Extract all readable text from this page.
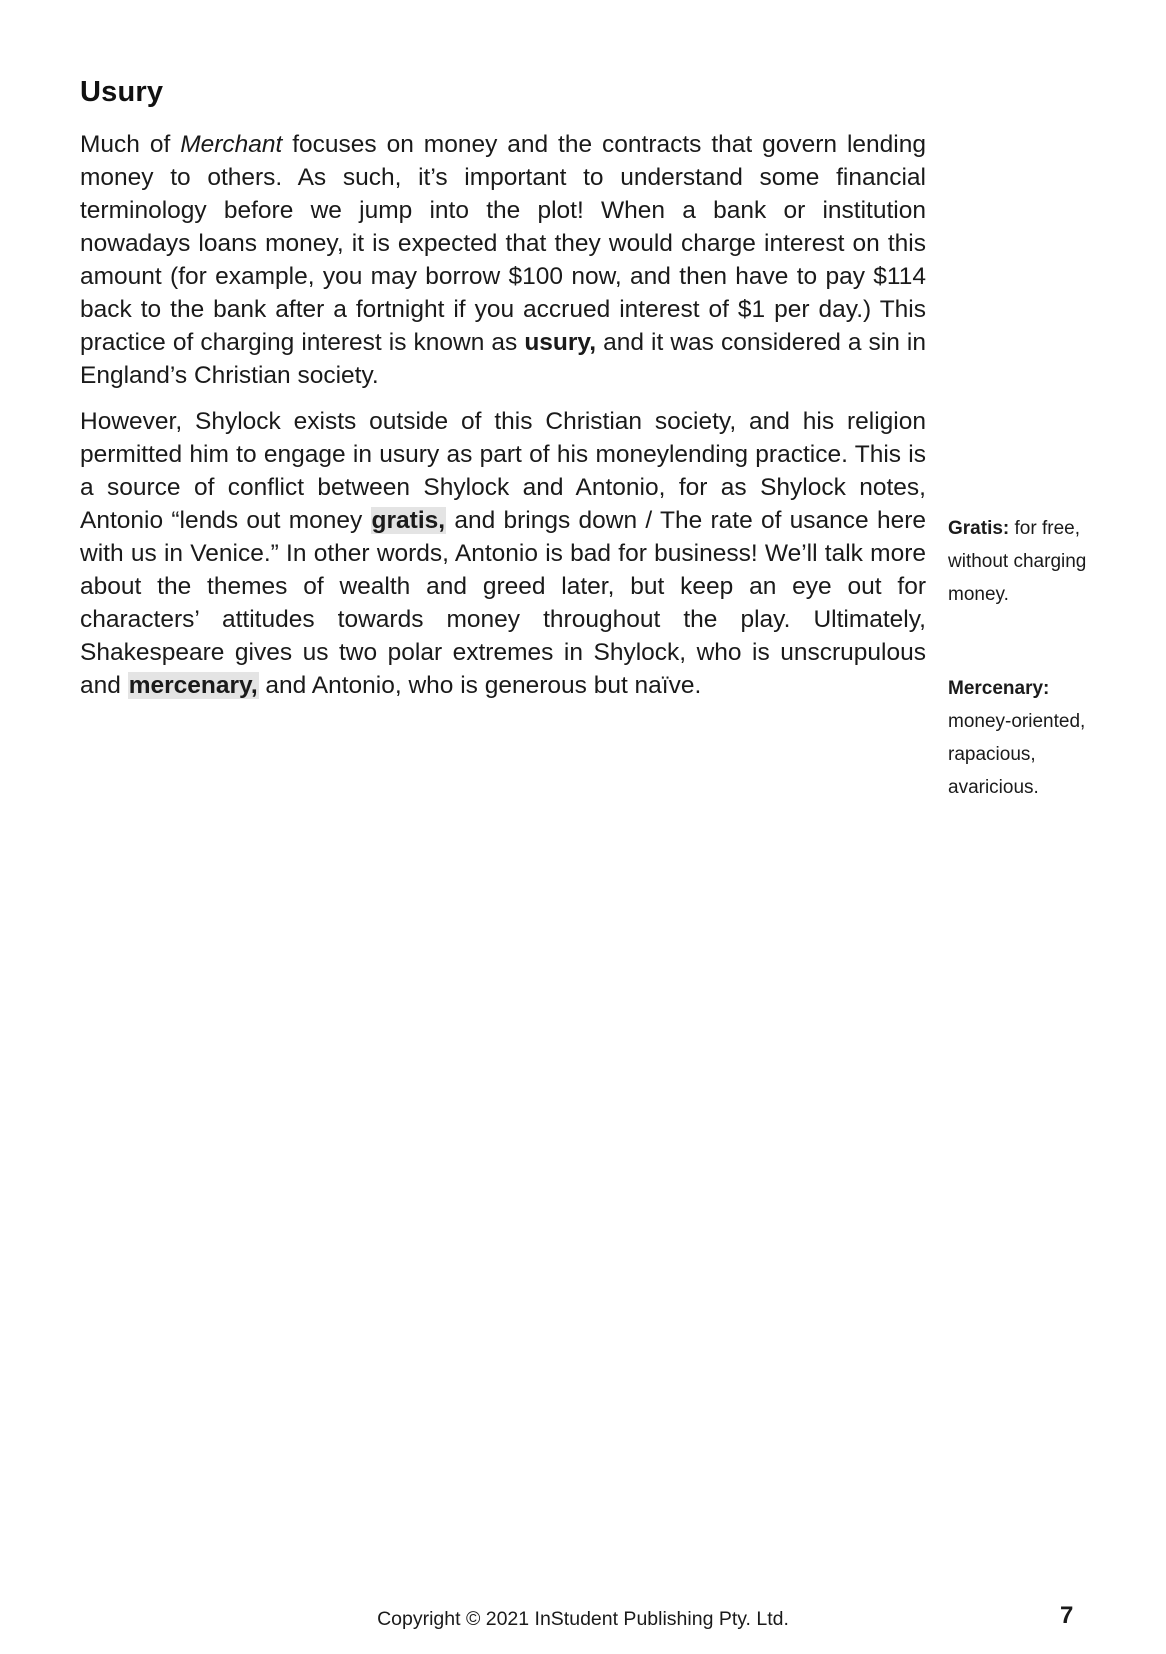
Usury

Much of Merchant focuses on money and the contracts that govern lending money to others. As such, it’s important to understand some financial terminology before we jump into the plot! When a bank or institution nowadays loans money, it is expected that they would charge interest on this amount (for example, you may borrow $100 now, and then have to pay $114 back to the bank after a fortnight if you accrued interest of $1 per day.) This practice of charging interest is known as usury, and it was considered a sin in England’s Christian society.

However, Shylock exists outside of this Christian society, and his religion permitted him to engage in usury as part of his moneylending practice. This is a source of conflict between Shylock and Antonio, for as Shylock notes, Antonio “lends out money gratis, and brings down / The rate of usance here with us in Venice.” In other words, Antonio is bad for business! We’ll talk more about the themes of wealth and greed later, but keep an eye out for characters’ attitudes towards money throughout the play. Ultimately, Shakespeare gives us two polar extremes in Shylock, who is unscrupulous and mercenary, and Antonio, who is generous but naïve.

Gratis: for free, without charging money.

Mercenary: money-oriented, rapacious, avaricious.

Copyright © 2021 InStudent Publishing Pty. Ltd.	7
